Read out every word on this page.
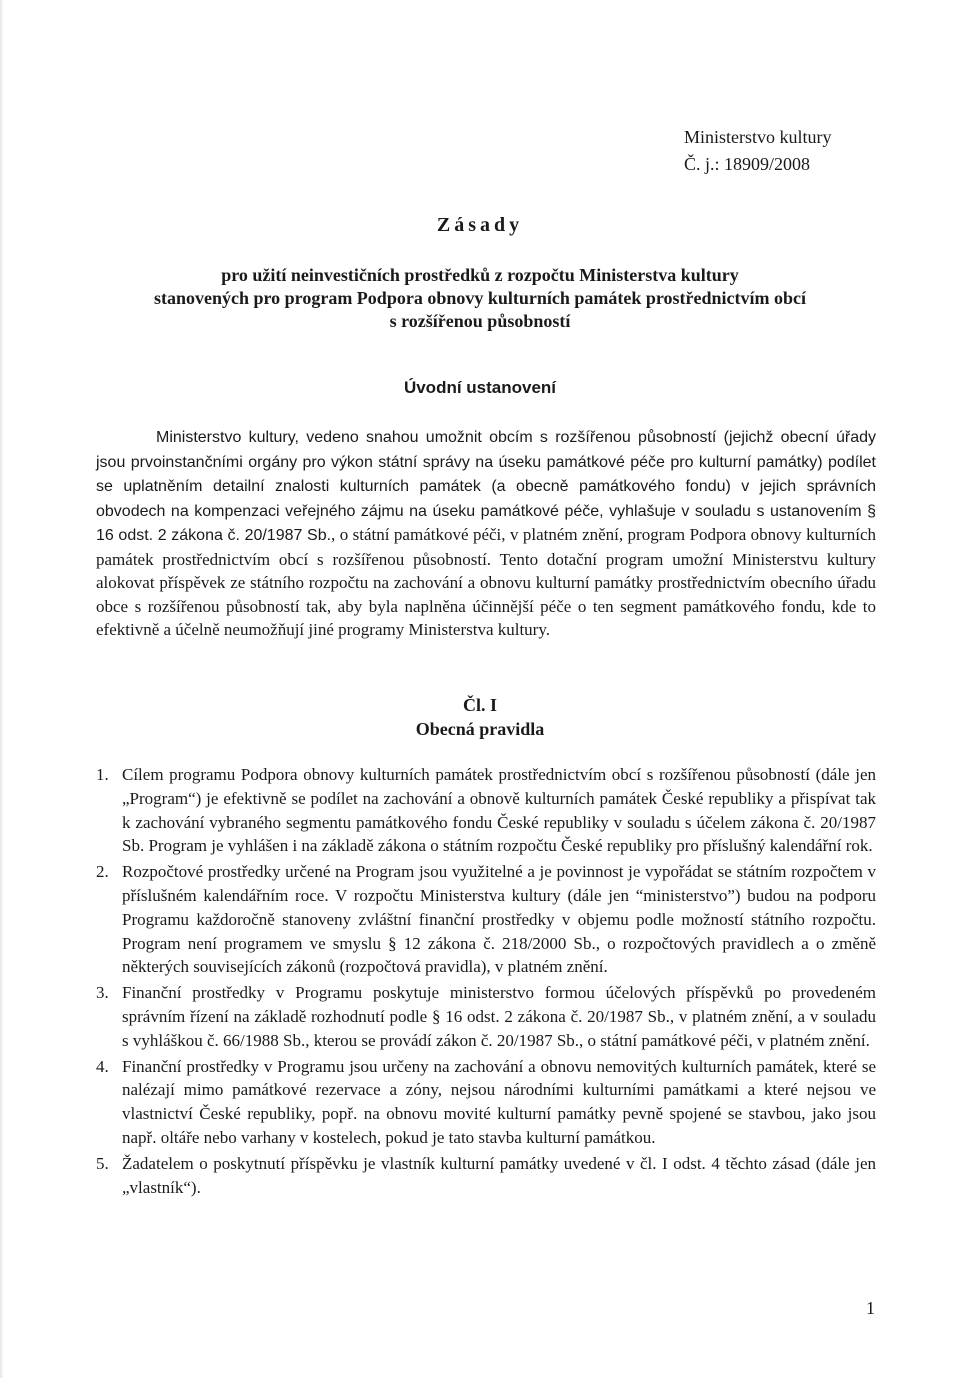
Ministerstvo kultury
Č. j.: 18909/2008
Zásady
pro užití neinvestičních prostředků z rozpočtu Ministerstva kultury
stanovených pro program Podpora obnovy kulturních památek prostřednictvím obcí
s rozšířenou působností
Úvodní ustanovení
Ministerstvo kultury, vedeno snahou umožnit obcím s rozšířenou působností (jejichž obecní úřady jsou prvoinstančními orgány pro výkon státní správy na úseku památkové péče pro kulturní památky) podílet se uplatněním detailní znalosti kulturních památek (a obecně památkového fondu) v jejich správních obvodech na kompenzaci veřejného zájmu na úseku památkové péče, vyhlašuje v souladu s ustanovením § 16 odst. 2 zákona č. 20/1987 Sb., o státní památkové péči, v platném znění, program Podpora obnovy kulturních památek prostřednictvím obcí s rozšířenou působností. Tento dotační program umožní Ministerstvu kultury alokovat příspěvek ze státního rozpočtu na zachování a obnovu kulturní památky prostřednictvím obecního úřadu obce s rozšířenou působností tak, aby byla naplněna účinnější péče o ten segment památkového fondu, kde to efektivně a účelně neumožňují jiné programy Ministerstva kultury.
Čl. I
Obecná pravidla
1. Cílem programu Podpora obnovy kulturních památek prostřednictvím obcí s rozšířenou působností (dále jen „Program“) je efektivně se podílet na zachování a obnově kulturních památek České republiky a přispívat tak k zachování vybraného segmentu památkového fondu České republiky v souladu s účelem zákona č. 20/1987 Sb. Program je vyhlášen i na základě zákona o státním rozpočtu České republiky pro příslušný kalendářní rok.
2. Rozpočtové prostředky určené na Program jsou využitelné a je povinnost je vypořádat se státním rozpočtem v příslušném kalendářním roce. V rozpočtu Ministerstva kultury (dále jen “ministerstvo”) budou na podporu Programu každoročně stanoveny zvláštní finanční prostředky v objemu podle možností státního rozpočtu. Program není programem ve smyslu § 12 zákona č. 218/2000 Sb., o rozpočtových pravidlech a o změně některých souvisejících zákonů (rozpočtová pravidla), v platném znění.
3. Finanční prostředky v Programu poskytuje ministerstvo formou účelových příspěvků po provedeném správním řízení na základě rozhodnutí podle § 16 odst. 2 zákona č. 20/1987 Sb., v platném znění, a v souladu s vyhláškou č. 66/1988 Sb., kterou se provádí zákon č. 20/1987 Sb., o státní památkové péči, v platném znění.
4. Finanční prostředky v Programu jsou určeny na zachování a obnovu nemovitých kulturních památek, které se nalézají mimo památkové rezervace a zóny, nejsou národními kulturními památkami a které nejsou ve vlastnictví České republiky, popř. na obnovu movité kulturní památky pevně spojené se stavbou, jako jsou např. oltáře nebo varhany v kostelech, pokud je tato stavba kulturní památkou.
5. Žadatelem o poskytnutí příspěvku je vlastník kulturní památky uvedené v čl. I odst. 4 těchto zásad (dále jen „vlastník“).
1
